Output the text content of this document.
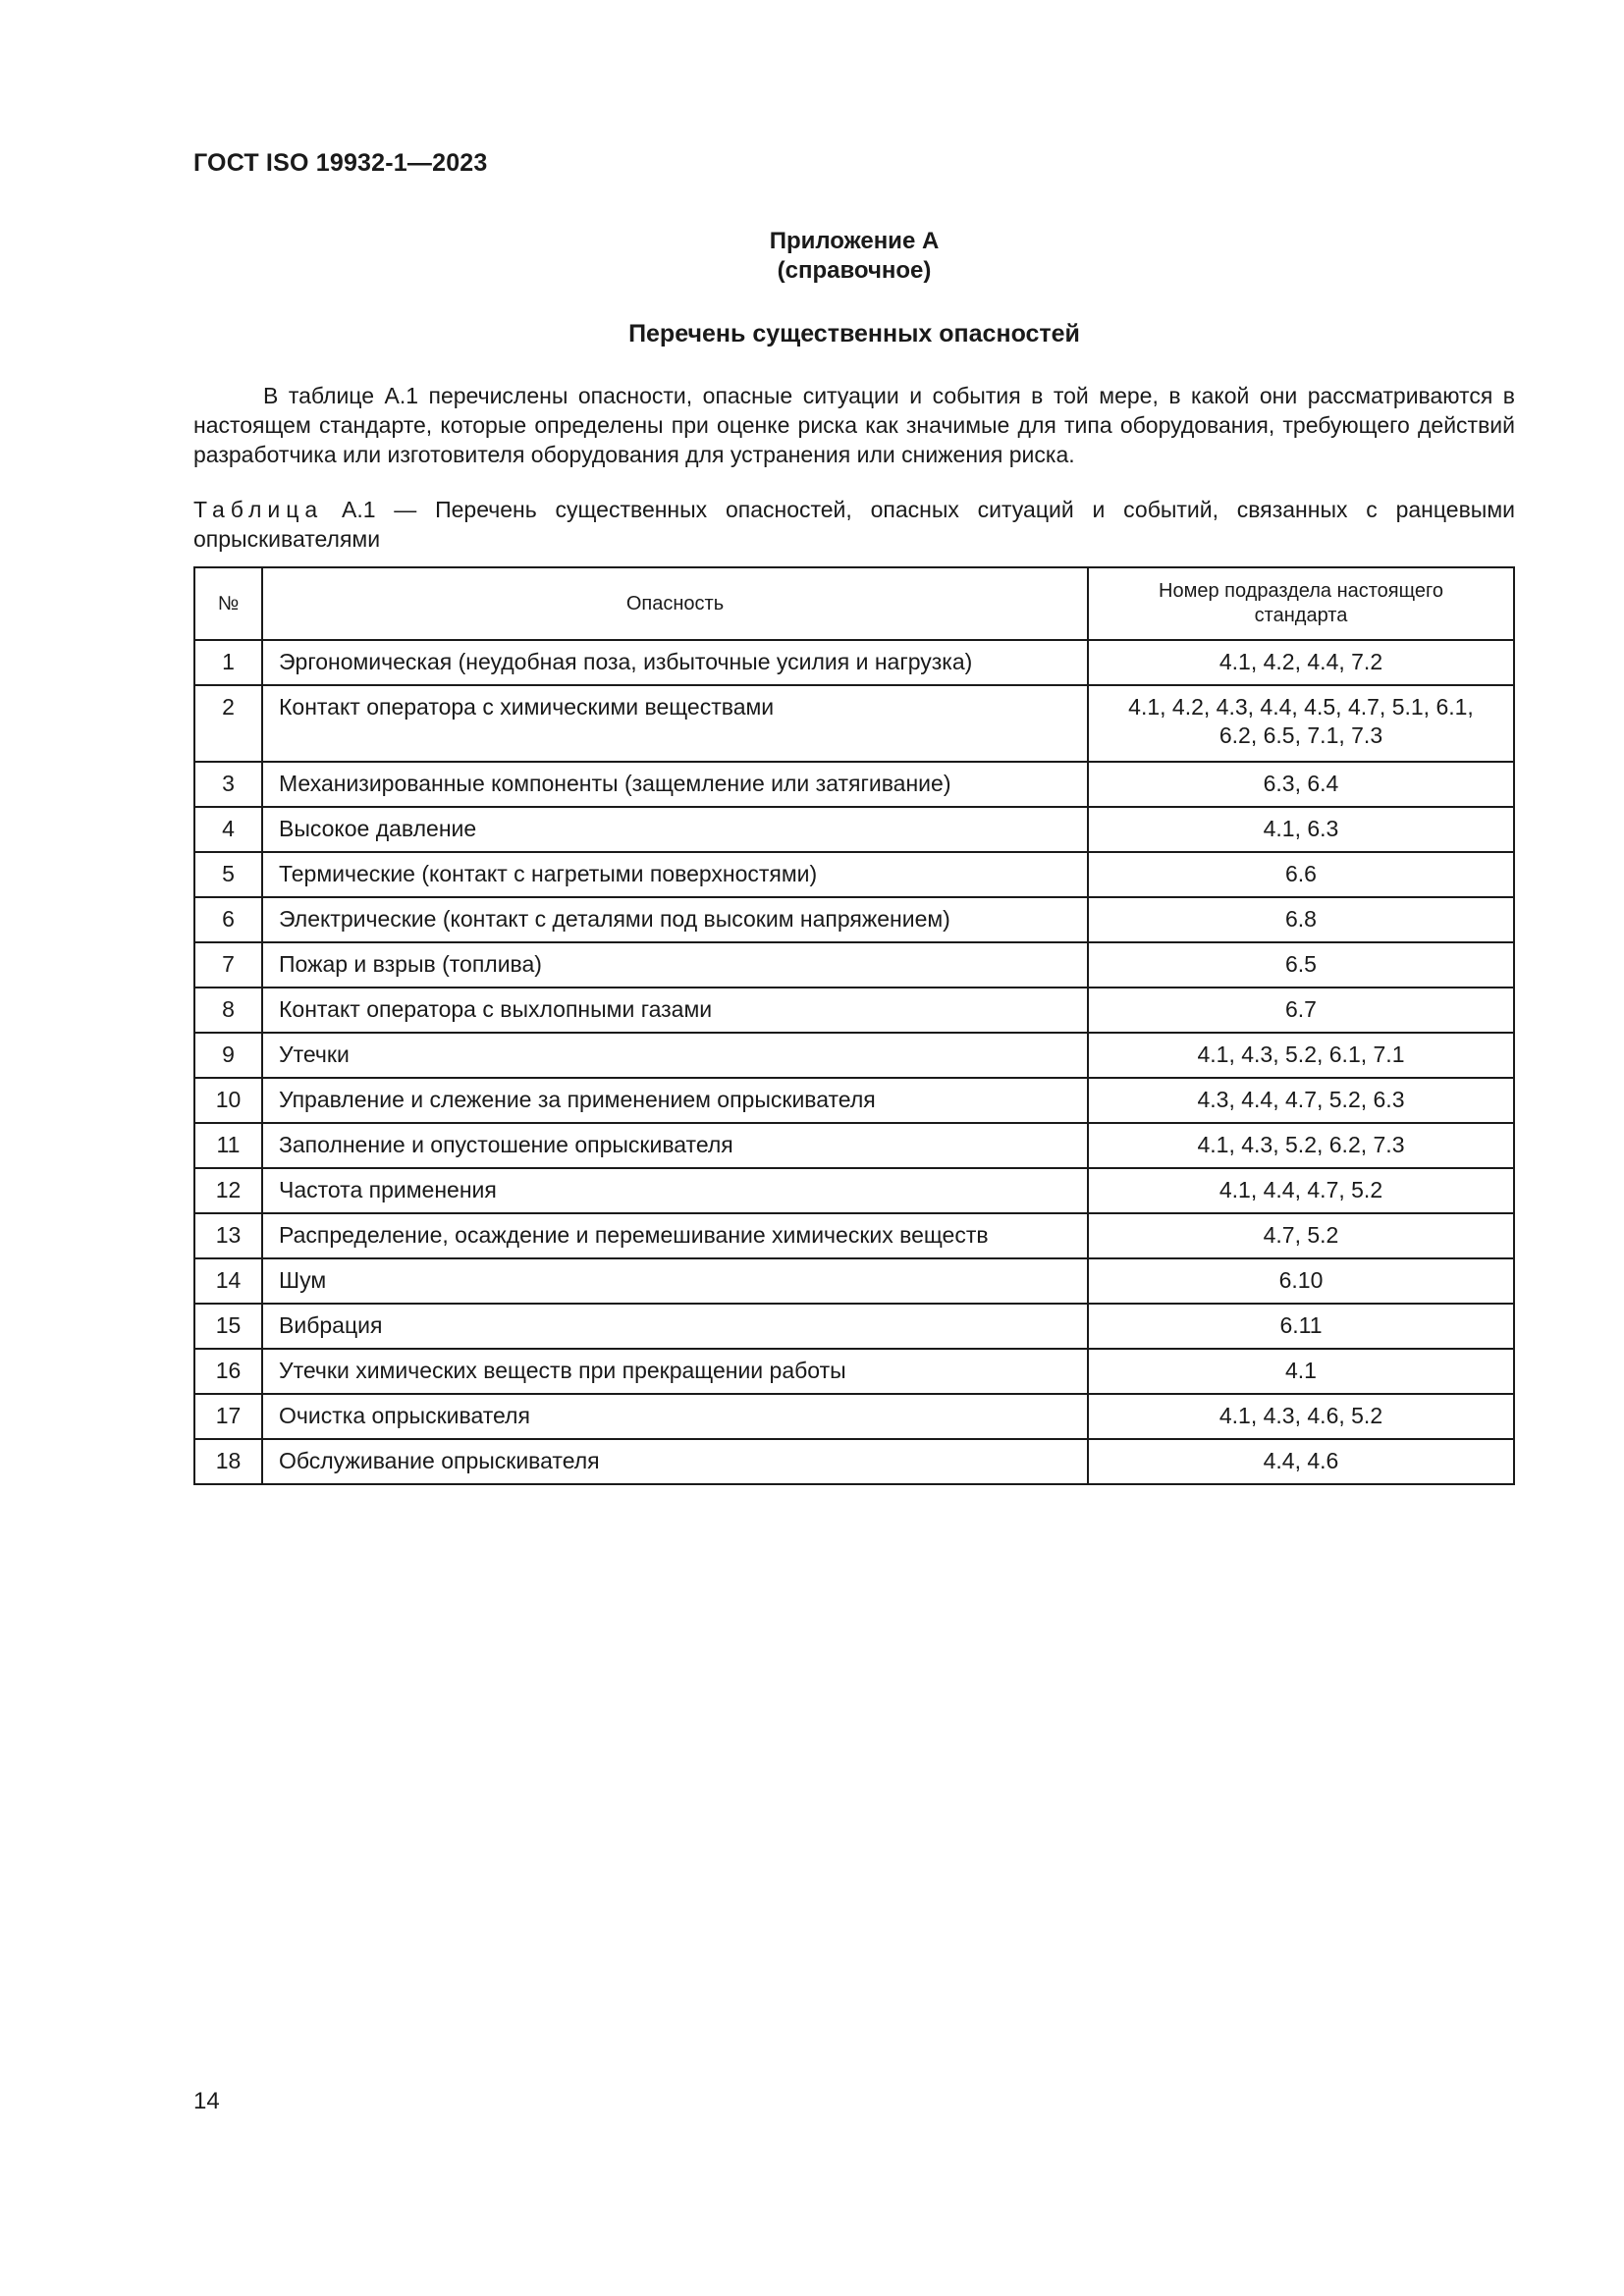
ГОСТ ISO 19932-1—2023
Приложение А
(справочное)
Перечень существенных опасностей
В таблице А.1 перечислены опасности, опасные ситуации и события в той мере, в какой они рассматриваются в настоящем стандарте, которые определены при оценке риска как значимые для типа оборудования, требующего действий разработчика или изготовителя оборудования для устранения или снижения риска.
Таблица А.1 — Перечень существенных опасностей, опасных ситуаций и событий, связанных с ранцевыми опрыскивателями
№	Опасность	Номер подраздела настоящего стандарта

1	Эргономическая (неудобная поза, избыточные усилия и нагрузка)	4.1, 4.2, 4.4, 7.2
2	Контакт оператора с химическими веществами	4.1, 4.2, 4.3, 4.4, 4.5, 4.7, 5.1, 6.1, 6.2, 6.5, 7.1, 7.3
3	Механизированные компоненты (защемление или затягивание)	6.3, 6.4
4	Высокое давление	4.1, 6.3
5	Термические (контакт с нагретыми поверхностями)	6.6
6	Электрические (контакт с деталями под высоким напряжением)	6.8
7	Пожар и взрыв (топлива)	6.5
8	Контакт оператора с выхлопными газами	6.7
9	Утечки	4.1, 4.3, 5.2, 6.1, 7.1
10	Управление и слежение за применением опрыскивателя	4.3, 4.4, 4.7, 5.2, 6.3
11	Заполнение и опустошение опрыскивателя	4.1, 4.3, 5.2, 6.2, 7.3
12	Частота применения	4.1, 4.4, 4.7, 5.2
13	Распределение, осаждение и перемешивание химических веществ	4.7, 5.2
14	Шум	6.10
15	Вибрация	6.11
16	Утечки химических веществ при прекращении работы	4.1
17	Очистка опрыскивателя	4.1, 4.3, 4.6, 5.2
18	Обслуживание опрыскивателя	4.4, 4.6
14
